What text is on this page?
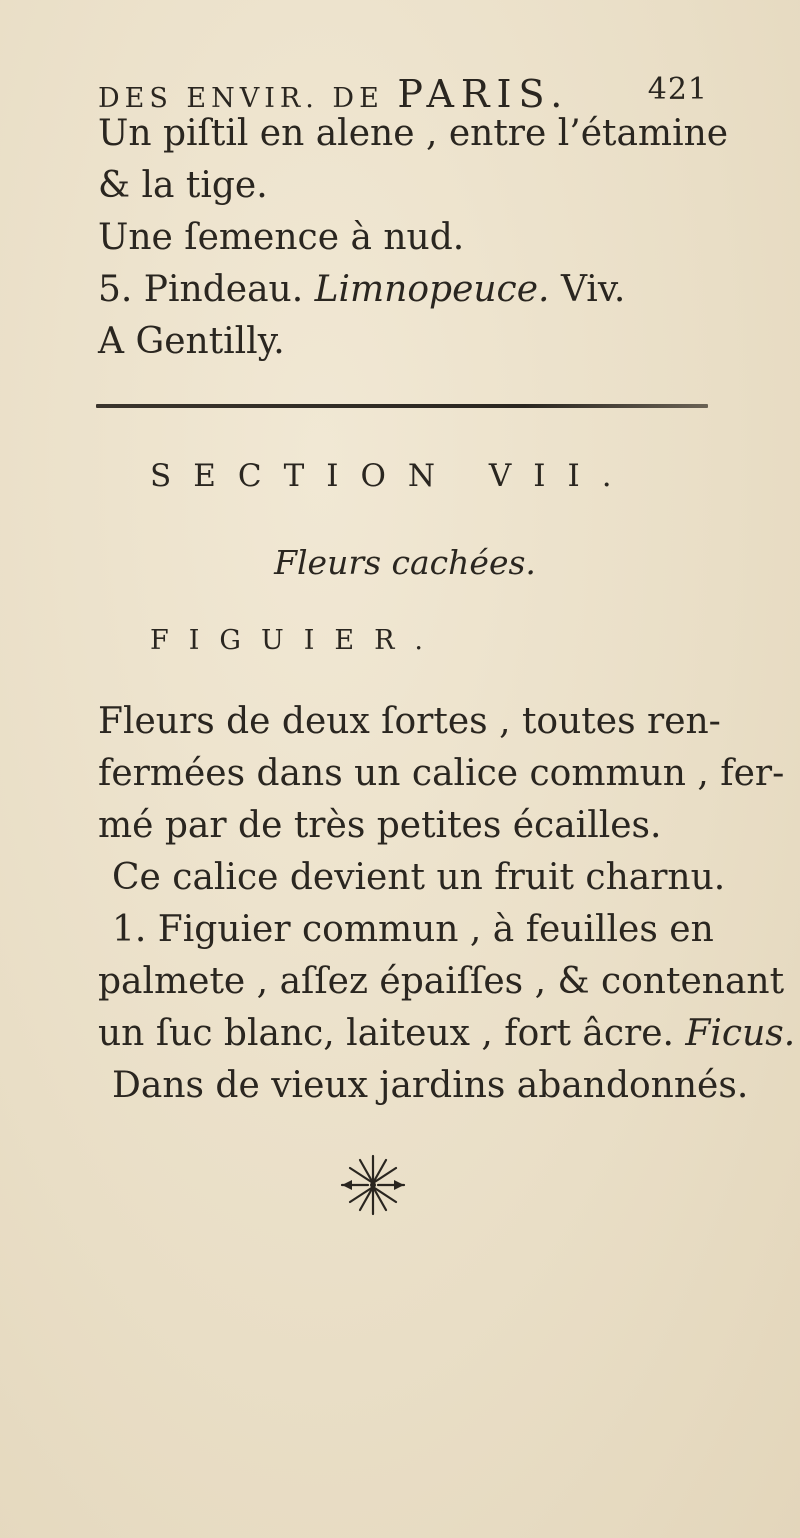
DES ENVIR. DE PARIS.	421
Un piſtil en alene , entre l’étamine
& la tige.
Une ſemence à nud.
5. Pindeau. Limnopeuce. Viv.
A Gentilly.
SECTION VII.
Fleurs cachées.
FIGUIER.
Fleurs de deux ſortes , toutes ren-
fermées dans un calice commun , fer-
mé par de très petites écailles.
Ce calice devient un fruit charnu.
1. Figuier commun , à feuilles en
palmete , aſſez épaiſſes , & contenant
un ſuc blanc, laiteux , fort âcre. Ficus.
Dans de vieux jardins abandonnés.
